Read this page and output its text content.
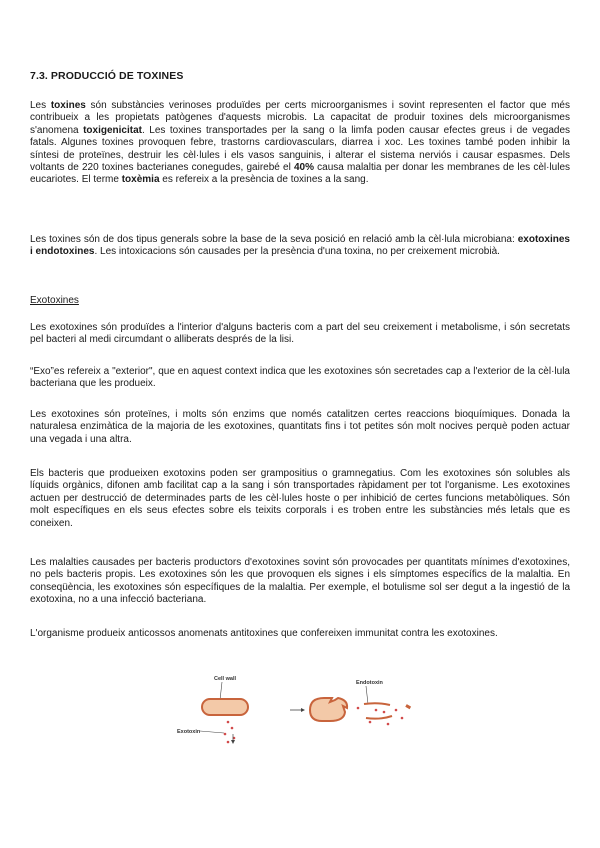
7.3. PRODUCCIÓ DE TOXINES

Les toxines són substàncies verinoses produïdes per certs microorganismes i sovint representen el factor que més contribueix a les propietats patògenes d'aquests microbis. La capacitat de produir toxines dels microorganismes s'anomena toxigenicitat. Les toxines transportades per la sang o la limfa poden causar efectes greus i de vegades fatals. Algunes toxines provoquen febre, trastorns cardiovasculars, diarrea i xoc. Les toxines també poden inhibir la síntesi de proteïnes, destruir les cèl·lules i els vasos sanguinis, i alterar el sistema nerviós i causar espasmes. Dels voltants de 220 toxines bacterianes conegudes, gairebé el 40% causa malaltia per donar les membranes de les cèl·lules eucariotes. El terme toxèmia es refereix a la presència de toxines a la sang.

Les toxines són de dos tipus generals sobre la base de la seva posició en relació amb la cèl·lula microbiana: exotoxines i endotoxines. Les intoxicacions són causades per la presència d'una toxina, no per creixement microbià.

Exotoxines

Les exotoxines són produïdes a l'interior d'alguns bacteris com a part del seu creixement i metabolisme, i són secretats pel bacteri al medi circumdant o alliberats després de la lisi.

“Exo”es refereix a "exterior", que en aquest context indica que les exotoxines són secretades cap a l'exterior de la cèl·lula bacteriana que les produeix.

Les exotoxines són proteïnes, i molts són enzims que només catalitzen certes reaccions bioquímiques. Donada la naturalesa enzimàtica de la majoria de les exotoxines, quantitats fins i tot petites són molt nocives perquè poden actuar una vegada i una altra.

Els bacteris que produeixen exotoxins poden ser grampositius o gramnegatius. Com les exotoxines són solubles als líquids orgànics, difonen amb facilitat cap a la sang i són transportades ràpidament per tot l'organisme. Les exotoxines actuen per destrucció de determinades parts de les cèl·lules hoste o per inhibició de certes funcions metabòliques. Són molt específiques en els seus efectes sobre els teixits corporals i es troben entre les substàncies més letals que es coneixen.

Les malalties causades per bacteris productors d'exotoxines sovint són provocades per quantitats mínimes d'exotoxines, no pels bacteris propis. Les exotoxines són les que provoquen els signes i els símptomes específics de la malaltia. En conseqüència, les exotoxines són específiques de la malaltia. Per exemple, el botulisme sol ser degut a la ingestió de la exotoxina, no a una infecció bacteriana.

L'organisme produeix anticossos anomenats antitoxines que confereixen immunitat contra les exotoxines.

Cell wall
Exotoxin
Endotoxin
